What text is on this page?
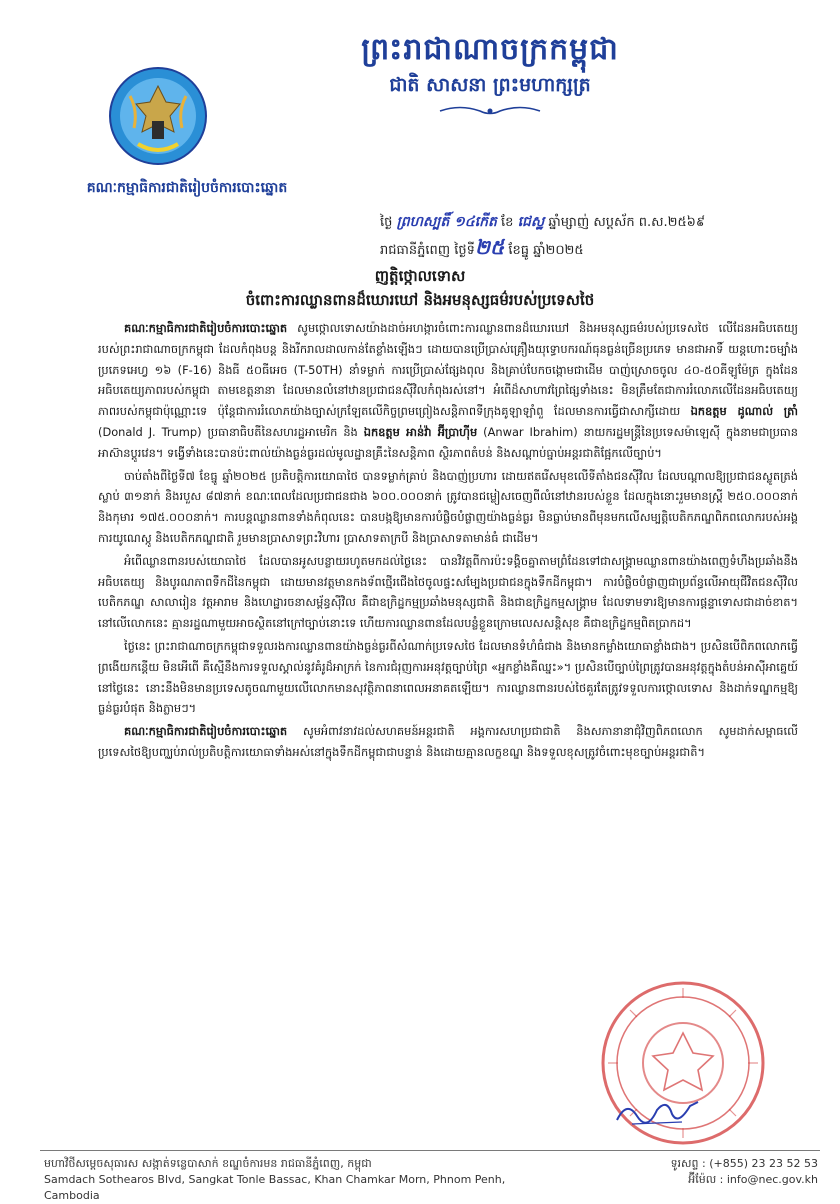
ព្រះរាជាណាចក្រកម្ពុជា
ជាតិ សាសនា ព្រះមហាក្សត្រ
គណៈកម្មាធិការជាតិរៀបចំការបោះឆ្នោត
ថ្ងៃ ព្រហស្បតិ៍ ១៤កើត ខែ ជេស្ឋ ឆ្នាំម្សាញ់ សប្តស័ក ព.ស.២៥៦៩
រាជធានីភ្នំពេញ ថ្ងៃទី២៥ ខែធ្នូ ឆ្នាំ២០២៥
ញត្តិថ្កោលទោស
ចំពោះការឈ្លានពានដ៏ឃោរឃៅ និងអមនុស្សធម៌របស់ប្រទេសថៃ

គណៈកម្មាធិការជាតិរៀបចំការបោះឆ្នោត សូមថ្កោលទោសយ៉ាងដាច់អហង្ការចំពោះការឈ្លានពានដ៏ឃោរឃៅ និងអមនុស្សធម៌របស់ប្រទេសថៃ លើដែនអធិបតេយ្យរបស់ព្រះរាជាណាចក្រកម្ពុជា ដែលកំពុងបន្ត និងរីករាលដាលកាន់តែខ្លាំងឡើងៗ ដោយបានប្រើប្រាស់គ្រឿងយុទ្ធោបករណ៍ធុនធ្ងន់ច្រើនប្រភេទ មានជាអាទិ៍ យន្តហោះចម្បាំងប្រភេទអេហ្វ ១៦ (F-16) និងធី ៥០ធីអេច (T-50TH) នាំទម្លាក់ ការប្រើប្រាស់ផ្សែងពុល និងគ្រាប់បែកចង្កោមជាដើម បាញ់ស្រោចចូល ៤០-៥០គីឡូម៉ែត្រ ក្នុងដែនអធិបតេយ្យភាពរបស់កម្ពុជា តាមខេត្តនានា ដែលមានលំនៅឋានប្រជាជនស៊ីវិលកំពុងរស់នៅ។ អំពើដ៏សាហាវព្រៃផ្សៃទាំងនេះ មិនត្រឹមតែជាការរំលោភលើដែនអធិបតេយ្យភាពរបស់កម្ពុជាប៉ុណ្ណោះទេ ប៉ុន្តែជាការរំលោភយ៉ាងច្បាស់ក្រឡែតលើកិច្ចព្រមព្រៀងសន្តិភាពទីក្រុងគូឡាឡាំពួ ដែលមានការធ្វើជាសាក្សីដោយ ឯកឧត្តម ដូណាល់ ត្រាំ (Donald J. Trump) ប្រធានាធិបតីនៃសហរដ្ឋអាមេរិក និង ឯកឧត្តម អាន់វ៉ា អ៊ីប្រាហ៊ីម (Anwar Ibrahim) នាយករដ្ឋមន្ត្រីនៃប្រទេសម៉ាឡេស៊ី ក្នុងនាមជាប្រធានអាស៊ានប្តូរវេន។ ទង្វើទាំងនេះបានប៉ះពាល់យ៉ាងធ្ងន់ធ្ងរដល់មូលដ្ឋានគ្រឹះនៃសន្តិភាព ស្ថិរភាពតំបន់ និងសណ្តាប់ធ្នាប់អន្តរជាតិផ្អែកលើច្បាប់។

ចាប់តាំងពីថ្ងៃទី៧ ខែធ្នូ ឆ្នាំ២០២៥ ប្រតិបត្តិការយោធាថៃ បានទម្លាក់គ្រាប់ និងបាញ់ប្រហារ ដោយឥតរើសមុខលើទីតាំងជនស៊ីវិល ដែលបណ្តាលឱ្យប្រជាជនស្លូតត្រង់ស្លាប់ ៣១នាក់ និងរបួស ៨៧នាក់ ខណៈពេលដែលប្រជាជនជាង ៦០០.០០០នាក់ ត្រូវបានជម្លៀសចេញពីលំនៅឋានរបស់ខ្លួន ដែលក្នុងនោះរួមមានស្ត្រី ២៥០.០០០នាក់ និងកុមារ ១៧៥.០០០នាក់។ ការបន្តឈ្លានពានទាំងកំពុលនេះ បានបង្កឱ្យមានការបំផ្លិចបំផ្លាញយ៉ាងធ្ងន់ធ្ងរ មិនធ្លាប់មានពីមុនមកលើសម្បត្តិបេតិកភណ្ឌពិភពលោករបស់អង្គការយូណេស្កូ និងបេតិកភណ្ឌជាតិ រួមមានប្រាសាទព្រះវិហារ ប្រាសាទតាក្របី និងប្រាសាទតាមាន់ធំ ជាដើម។

អំពើឈ្លានពានរបស់យោធាថៃ ដែលបានអូសបន្លាយរហូតមកដល់ថ្ងៃនេះ បានវិវត្តពីការប៉ះទង្គិចគ្នាតាមព្រំដែនទៅជាសង្គ្រាមឈ្លានពានយ៉ាងពេញទំហឹងប្រឆាំងនឹងអធិបតេយ្យ និងបូរណភាពទឹកដីនៃកម្ពុជា ដោយមានវត្តមានកងទ័ពថ្មើរជើងថៃចូលផ្ទះសម្បែងប្រជាជនក្នុងទឹកដីកម្ពុជា។ ការបំផ្លិចបំផ្លាញជាប្រព័ន្ធលើអាយុជីវិតជនស៊ីវិល បេតិកភណ្ឌ សាលារៀន វត្តអារាម និងហេដ្ឋារចនាសម្ព័ន្ធស៊ីវិល គឺជាឧក្រិដ្ឋកម្មប្រឆាំងមនុស្សជាតិ និងជាឧក្រិដ្ឋកម្មសង្គ្រាម ដែលទាមទារឱ្យមានការផ្តន្ទាទោសជាដាច់ខាត។ នៅលើលោកនេះ គ្មានរដ្ឋណាមួយអាចស្ថិតនៅក្រៅច្បាប់នោះទេ ហើយការឈ្លានពានដែលបន្លំខ្លួនក្រោមលេសសន្តិសុខ គឺជាឧក្រិដ្ឋកម្មពិតប្រាកដ។

ថ្ងៃនេះ ព្រះរាជាណាចក្រកម្ពុជាទទួលរងការឈ្លានពានយ៉ាងធ្ងន់ធ្ងរពីសំណាក់ប្រទេសថៃ ដែលមានទំហំធំជាង និងមានកម្លាំងយោធាខ្លាំងជាង។ ប្រសិនបើពិភពលោកធ្វើព្រងើយកន្តើយ មិនអើពើ គឺស្មើនឹងការទទួលស្គាល់នូវគំរូដ៏អាក្រក់ នៃការជំរុញការអនុវត្តច្បាប់ព្រៃ «អ្នកខ្លាំងគឺឈ្នះ»។ ប្រសិនបើច្បាប់ព្រៃត្រូវបានអនុវត្តក្នុងតំបន់អាស៊ីអាគ្នេយ៍នៅថ្ងៃនេះ នោះនឹងមិនមានប្រទេសតូចណាមួយលើលោកមានសុវត្ថិភាពនាពេលអនាគតឡើយ។ ការឈ្លានពានរបស់ថៃគួរតែត្រូវទទួលការថ្កោលទោស និងដាក់ទណ្ឌកម្មឱ្យធ្ងន់ធ្ងរបំផុត និងភ្លាមៗ។

គណៈកម្មាធិការជាតិរៀបចំការបោះឆ្នោត សូមអំពាវនាវដល់សហគមន៍អន្តរជាតិ អង្គការសហប្រជាជាតិ និងសភានានាជុំវិញពិភពលោក សូមដាក់សម្ពាធលើប្រទេសថៃឱ្យបញ្ឈប់រាល់ប្រតិបត្តិការយោធាទាំងអស់នៅក្នុងទឹកដីកម្ពុជាជាបន្ទាន់ និងដោយគ្មានលក្ខខណ្ឌ និងទទួលខុសត្រូវចំពោះមុខច្បាប់អន្តរជាតិ។

មហាវិថីសម្តេចសុធារស សង្កាត់ទន្លេបាសាក់ ខណ្ឌចំការមន រាជធានីភ្នំពេញ, កម្ពុជា
Samdach Sothearos Blvd, Sangkat Tonle Bassac, Khan Chamkar Morn, Phnom Penh, Cambodia
ទូរសព្ទ : (+855) 23 23 52 53
អ៊ីម៉ែល : info@nec.gov.kh
